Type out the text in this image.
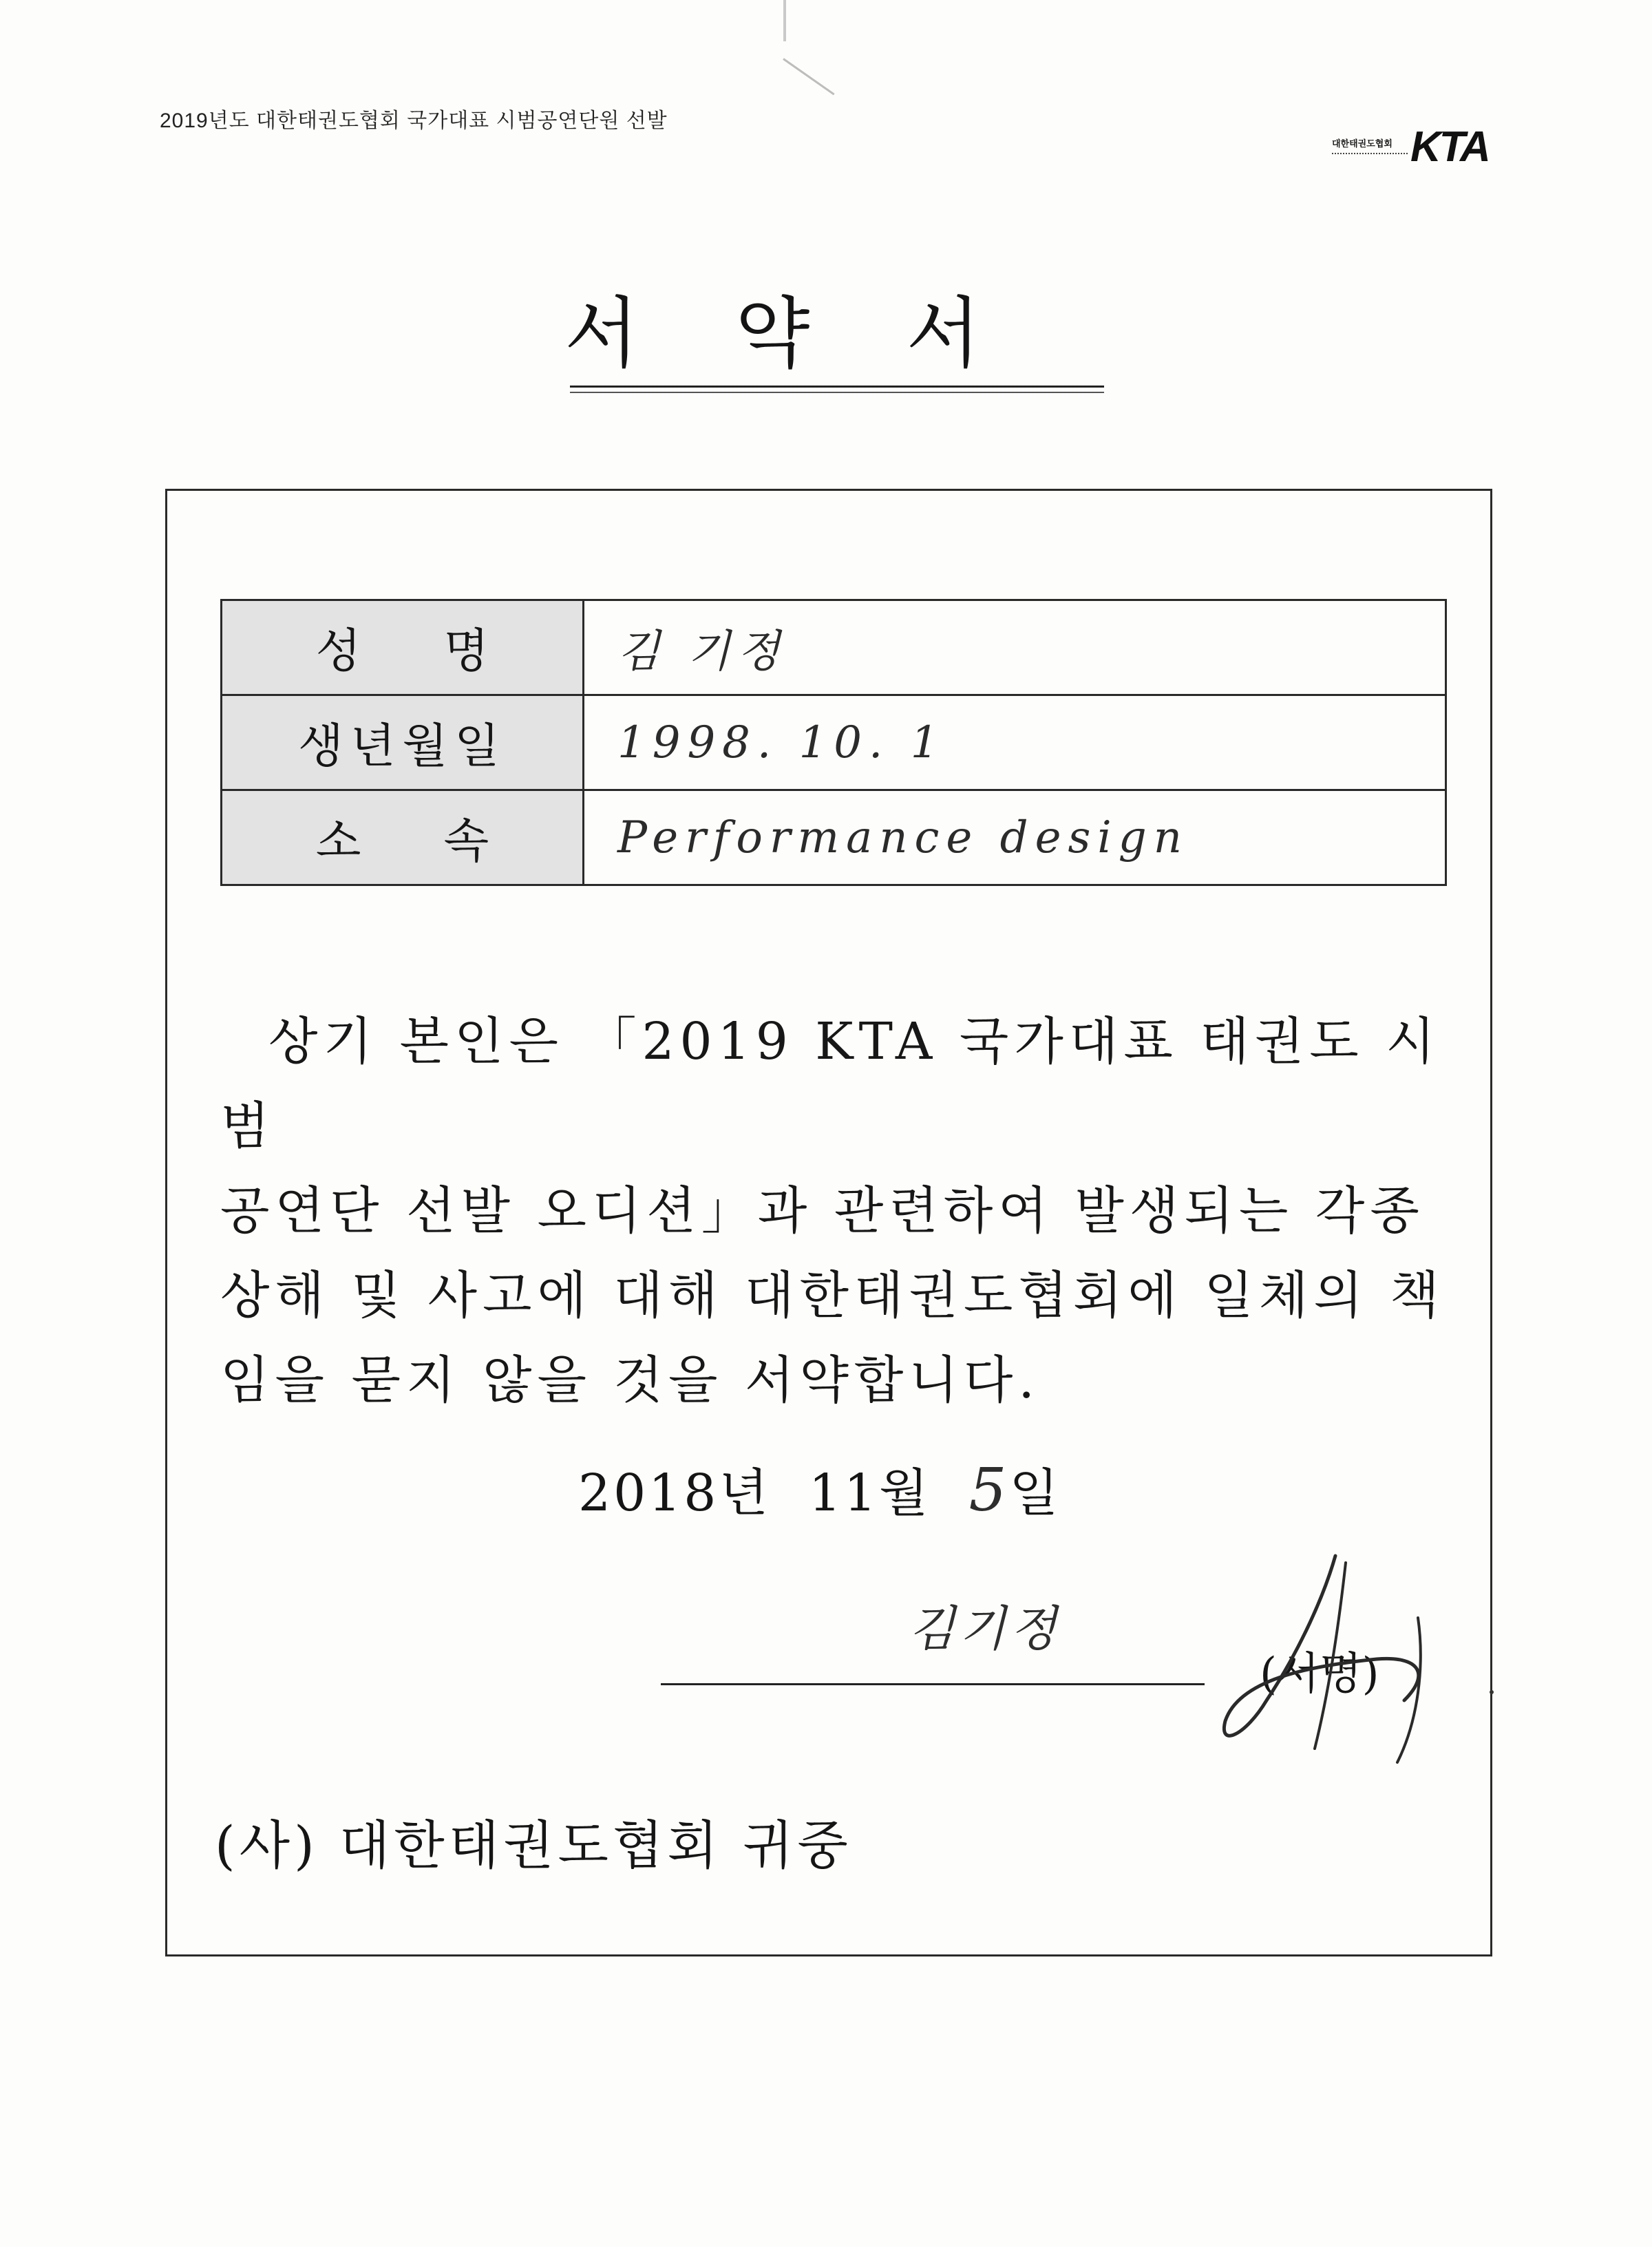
2019년도 대한태권도협회 국가대표 시범공연단원 선발
대한태권도협회 KTA
서약서
성 명	김 기정
생년월일	1998. 10. 1
소 속	Performance design
상기 본인은 「2019 KTA 국가대표 태권도 시범
공연단 선발 오디션」과 관련하여 발생되는 각종
상해 및 사고에 대해 대한태권도협회에 일체의 책
임을 묻지 않을 것을 서약합니다.
2018년 11월 5일
김기정
(서명)
(사) 대한태권도협회 귀중
